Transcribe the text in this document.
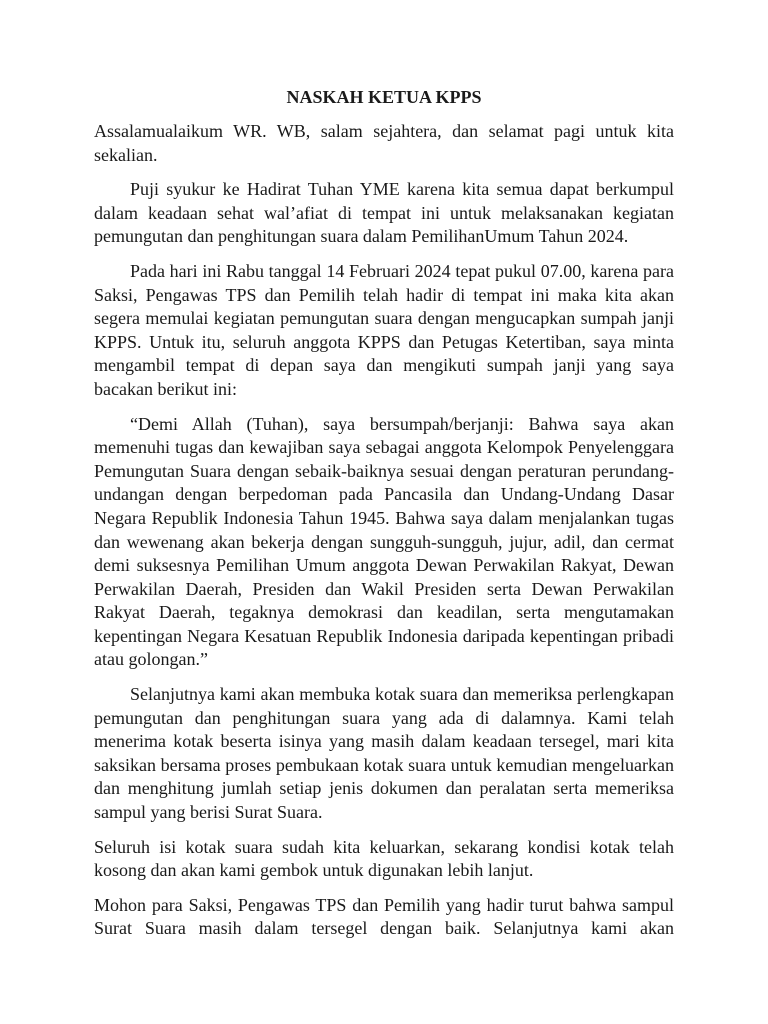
NASKAH KETUA KPPS

Assalamualaikum WR. WB, salam sejahtera, dan selamat pagi untuk kita sekalian.

Puji syukur ke Hadirat Tuhan YME karena kita semua dapat berkumpul dalam keadaan sehat wal’afiat di tempat ini untuk melaksanakan kegiatan pemungutan dan penghitungan suara dalam PemilihanUmum Tahun 2024.

Pada hari ini Rabu tanggal 14 Februari 2024 tepat pukul 07.00, karena para Saksi, Pengawas TPS dan Pemilih telah hadir di tempat ini maka kita akan segera memulai kegiatan pemungutan suara dengan mengucapkan sumpah janji KPPS. Untuk itu, seluruh anggota KPPS dan Petugas Ketertiban, saya minta mengambil tempat di depan saya dan mengikuti sumpah janji yang saya bacakan berikut ini:

“Demi Allah (Tuhan), saya bersumpah/berjanji: Bahwa saya akan memenuhi tugas dan kewajiban saya sebagai anggota Kelompok Penyelenggara Pemungutan Suara dengan sebaik-baiknya sesuai dengan peraturan perundang-undangan dengan berpedoman pada Pancasila dan Undang-Undang Dasar Negara Republik Indonesia Tahun 1945. Bahwa saya dalam menjalankan tugas dan wewenang akan bekerja dengan sungguh-sungguh, jujur, adil, dan cermat demi suksesnya Pemilihan Umum anggota Dewan Perwakilan Rakyat, Dewan Perwakilan Daerah, Presiden dan Wakil Presiden serta Dewan Perwakilan Rakyat Daerah, tegaknya demokrasi dan keadilan, serta mengutamakan kepentingan Negara Kesatuan Republik Indonesia daripada kepentingan pribadi atau golongan.”

Selanjutnya kami akan membuka kotak suara dan memeriksa perlengkapan pemungutan dan penghitungan suara yang ada di dalamnya. Kami telah menerima kotak beserta isinya yang masih dalam keadaan tersegel, mari kita saksikan bersama proses pembukaan kotak suara untuk kemudian mengeluarkan dan menghitung jumlah setiap jenis dokumen dan peralatan serta memeriksa sampul yang berisi Surat Suara.

Seluruh isi kotak suara sudah kita keluarkan, sekarang kondisi kotak telah kosong dan akan kami gembok untuk digunakan lebih lanjut.

Mohon para Saksi, Pengawas TPS dan Pemilih yang hadir turut bahwa sampul Surat Suara masih dalam tersegel dengan baik. Selanjutnya kami akan
